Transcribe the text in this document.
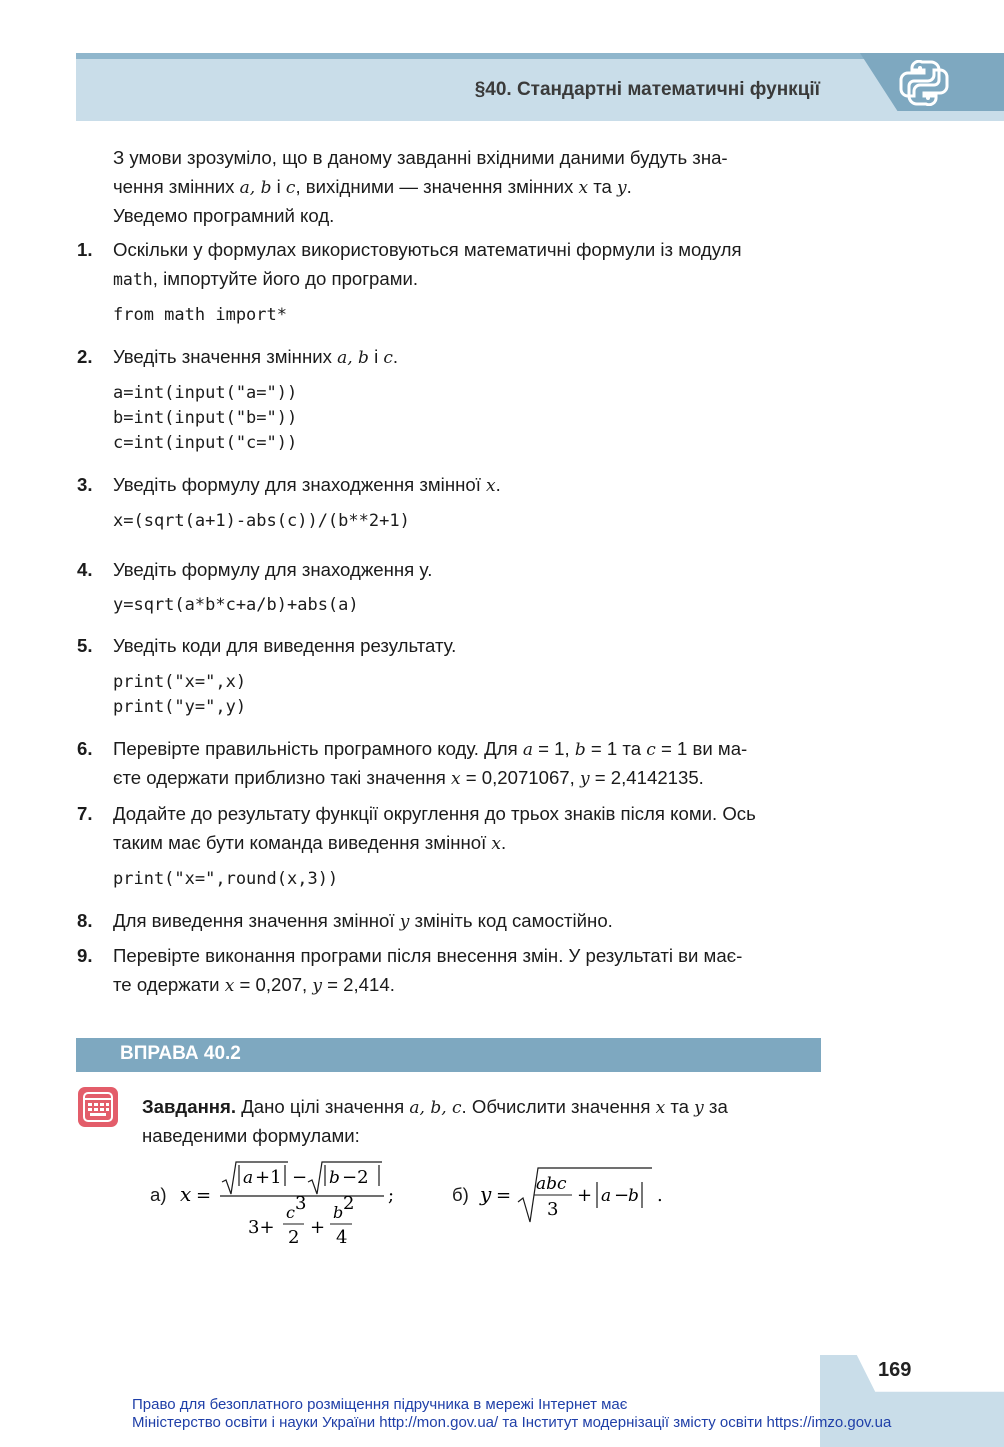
§40. Стандартні математичні функції
З умови зрозуміло, що в даному завданні вхідними даними будуть зна-
чення змінних a, b і c, вихідними — значення змінних x та y.
Уведемо програмний код.
1. Оскільки у формулах використовуються математичні формули із модуля
math, імпортуйте його до програми.
from math import*
2. Уведіть значення змінних a, b і c.
a=int(input("a="))
b=int(input("b="))
c=int(input("c="))
3. Уведіть формулу для знаходження змінної x.
x=(sqrt(a+1)-abs(c))/(b**2+1)
4. Уведіть формулу для знаходження y.
y=sqrt(a*b*c+a/b)+abs(a)
5. Уведіть коди для виведення результату.
print("x=",x)
print("y=",y)
6. Перевірте правильність програмного коду. Для a = 1, b = 1 та c = 1 ви ма-
єте одержати приблизно такі значення x = 0,2071067, y = 2,4142135.
7. Додайте до результату функції округлення до трьох знаків після коми. Ось
таким має бути команда виведення змінної x.
print("x=",round(x,3))
8. Для виведення значення змінної y змініть код самостійно.
9. Перевірте виконання програми після внесення змін. У результаті ви має-
те одержати x = 0,207, y = 2,414.
ВПРАВА 40.2
Завдання. Дано цілі значення a, b, c. Обчислити значення x та y за
наведеними формулами:
а) x =
a +1 − b −2
3+
c 3
2 +
b 2
4
;	б) y =
abc
3
+ a −
b .
169
Право для безоплатного розміщення підручника в мережі Інтернет має
Міністерство освіти і науки України http://mon.gov.ua/ та Інститут модернізації змісту освіти https://imzo.gov.ua
